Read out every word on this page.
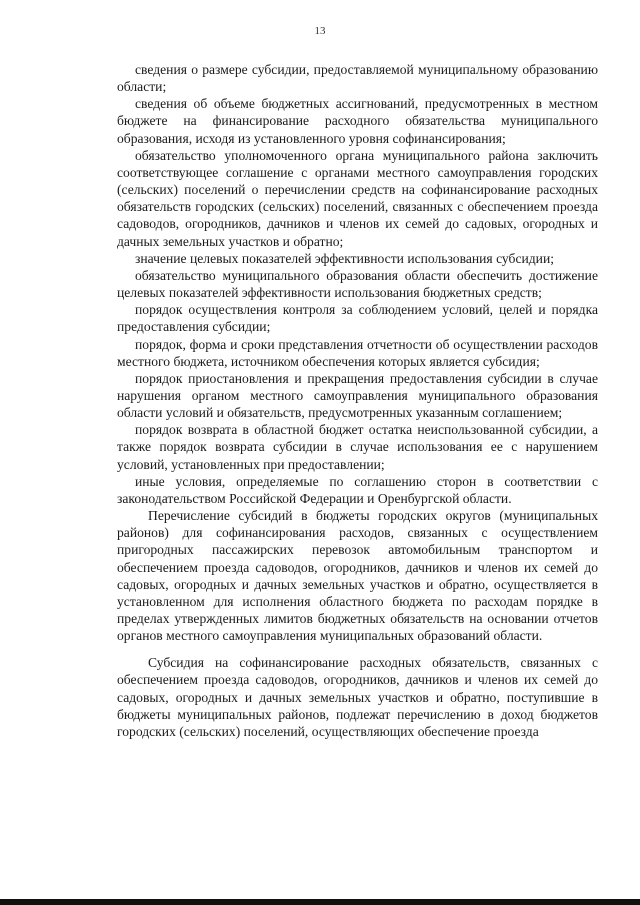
13

сведения о размере субсидии, предоставляемой муниципальному образованию области;

сведения об объеме бюджетных ассигнований, предусмотренных в местном бюджете на финансирование расходного обязательства муниципального образования, исходя из установленного уровня софинансирования;

обязательство уполномоченного органа муниципального района заключить соответствующее соглашение с органами местного самоуправления городских (сельских) поселений о перечислении средств на софинансирование расходных обязательств городских (сельских) поселений, связанных с обеспечением проезда садоводов, огородников, дачников и членов их семей до садовых, огородных и дачных земельных участков и обратно;

значение целевых показателей эффективности использования субсидии;

обязательство муниципального образования области обеспечить достижение целевых показателей эффективности использования бюджетных средств;

порядок осуществления контроля за соблюдением условий, целей и порядка предоставления субсидии;

порядок, форма и сроки представления отчетности об осуществлении расходов местного бюджета, источником обеспечения которых является субсидия;

порядок приостановления и прекращения предоставления субсидии в случае нарушения органом местного самоуправления муниципального образования области условий и обязательств, предусмотренных указанным соглашением;

порядок возврата в областной бюджет остатка неиспользованной субсидии, а также порядок возврата субсидии в случае использования ее с нарушением условий, установленных при предоставлении;

иные условия, определяемые по соглашению сторон в соответствии с законодательством Российской Федерации и Оренбургской области.

Перечисление субсидий в бюджеты городских округов (муниципальных районов) для софинансирования расходов, связанных с осуществлением пригородных пассажирских перевозок автомобильным транспортом и обеспечением проезда садоводов, огородников, дачников и членов их семей до садовых, огородных и дачных земельных участков и обратно, осуществляется в установленном для исполнения областного бюджета по расходам порядке в пределах утвержденных лимитов бюджетных обязательств на основании отчетов органов местного самоуправления муниципальных образований области.

Субсидия на софинансирование расходных обязательств, связанных с обеспечением проезда садоводов, огородников, дачников и членов их семей до садовых, огородных и дачных земельных участков и обратно, поступившие в бюджеты муниципальных районов, подлежат перечислению в доход бюджетов городских (сельских) поселений, осуществляющих обеспечение проезда
